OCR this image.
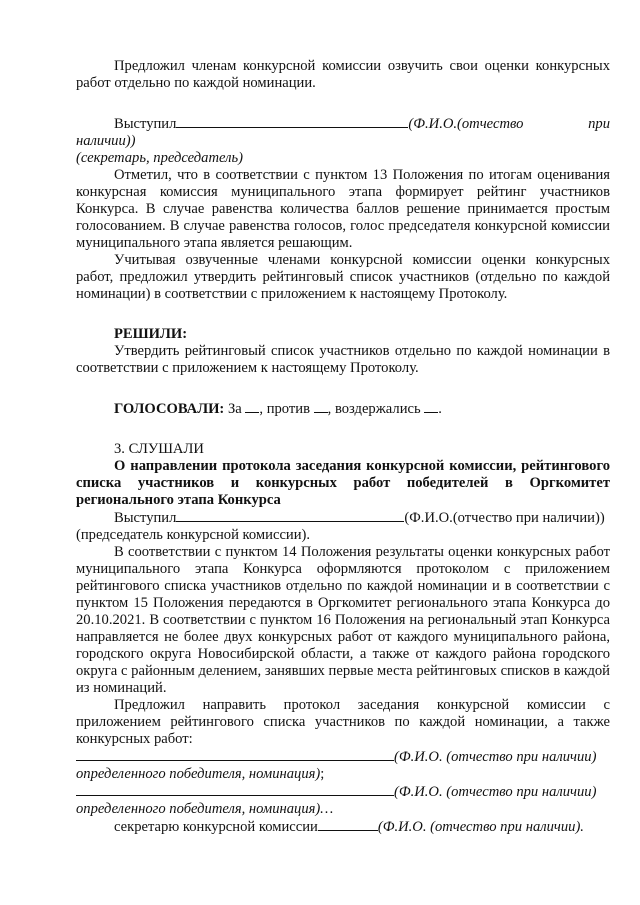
Предложил членам конкурсной комиссии озвучить свои оценки конкурсных работ отдельно по каждой номинации.

Выступил	(Ф.И.О.(отчество при наличии))

(секретарь, председатель)

Отметил, что в соответствии с пунктом 13 Положения по итогам оценивания конкурсная комиссия муниципального этапа формирует рейтинг участников Конкурса. В случае равенства количества баллов решение принимается простым голосованием. В случае равенства голосов, голос председателя конкурсной комиссии муниципального этапа является решающим.

Учитывая озвученные членами конкурсной комиссии оценки конкурсных работ, предложил утвердить рейтинговый список участников (отдельно по каждой номинации) в соответствии с приложением к настоящему Протоколу.

РЕШИЛИ:

Утвердить рейтинговый список участников отдельно по каждой номинации в соответствии с приложением к настоящему Протоколу.

ГОЛОСОВАЛИ: За , против , воздержались .

3. СЛУШАЛИ

О направлении протокола заседания конкурсной комиссии, рейтингового списка участников и конкурсных работ победителей в Оргкомитет регионального этапа Конкурса

Выступил	(Ф.И.О.(отчество при наличии))

(председатель конкурсной комиссии).

В соответствии с пунктом 14 Положения результаты оценки конкурсных работ муниципального этапа Конкурса оформляются протоколом с приложением рейтингового списка участников отдельно по каждой номинации и в соответствии с пунктом 15 Положения передаются в Оргкомитет регионального этапа Конкурса до 20.10.2021. В соответствии с пунктом 16 Положения на региональный этап Конкурса направляется не более двух конкурсных работ от каждого муниципального района, городского округа Новосибирской области, а также от каждого района городского округа с районным делением, занявших первые места рейтинговых списков в каждой из номинаций.

Предложил направить протокол заседания конкурсной комиссии с приложением рейтингового списка участников по каждой номинации, а также конкурсных работ:

(Ф.И.О. (отчество при наличии)

определенного победителя, номинация);

(Ф.И.О. (отчество при наличии)

определенного победителя, номинация)…

секретарю конкурсной комиссии	(Ф.И.О. (отчество при наличии).
